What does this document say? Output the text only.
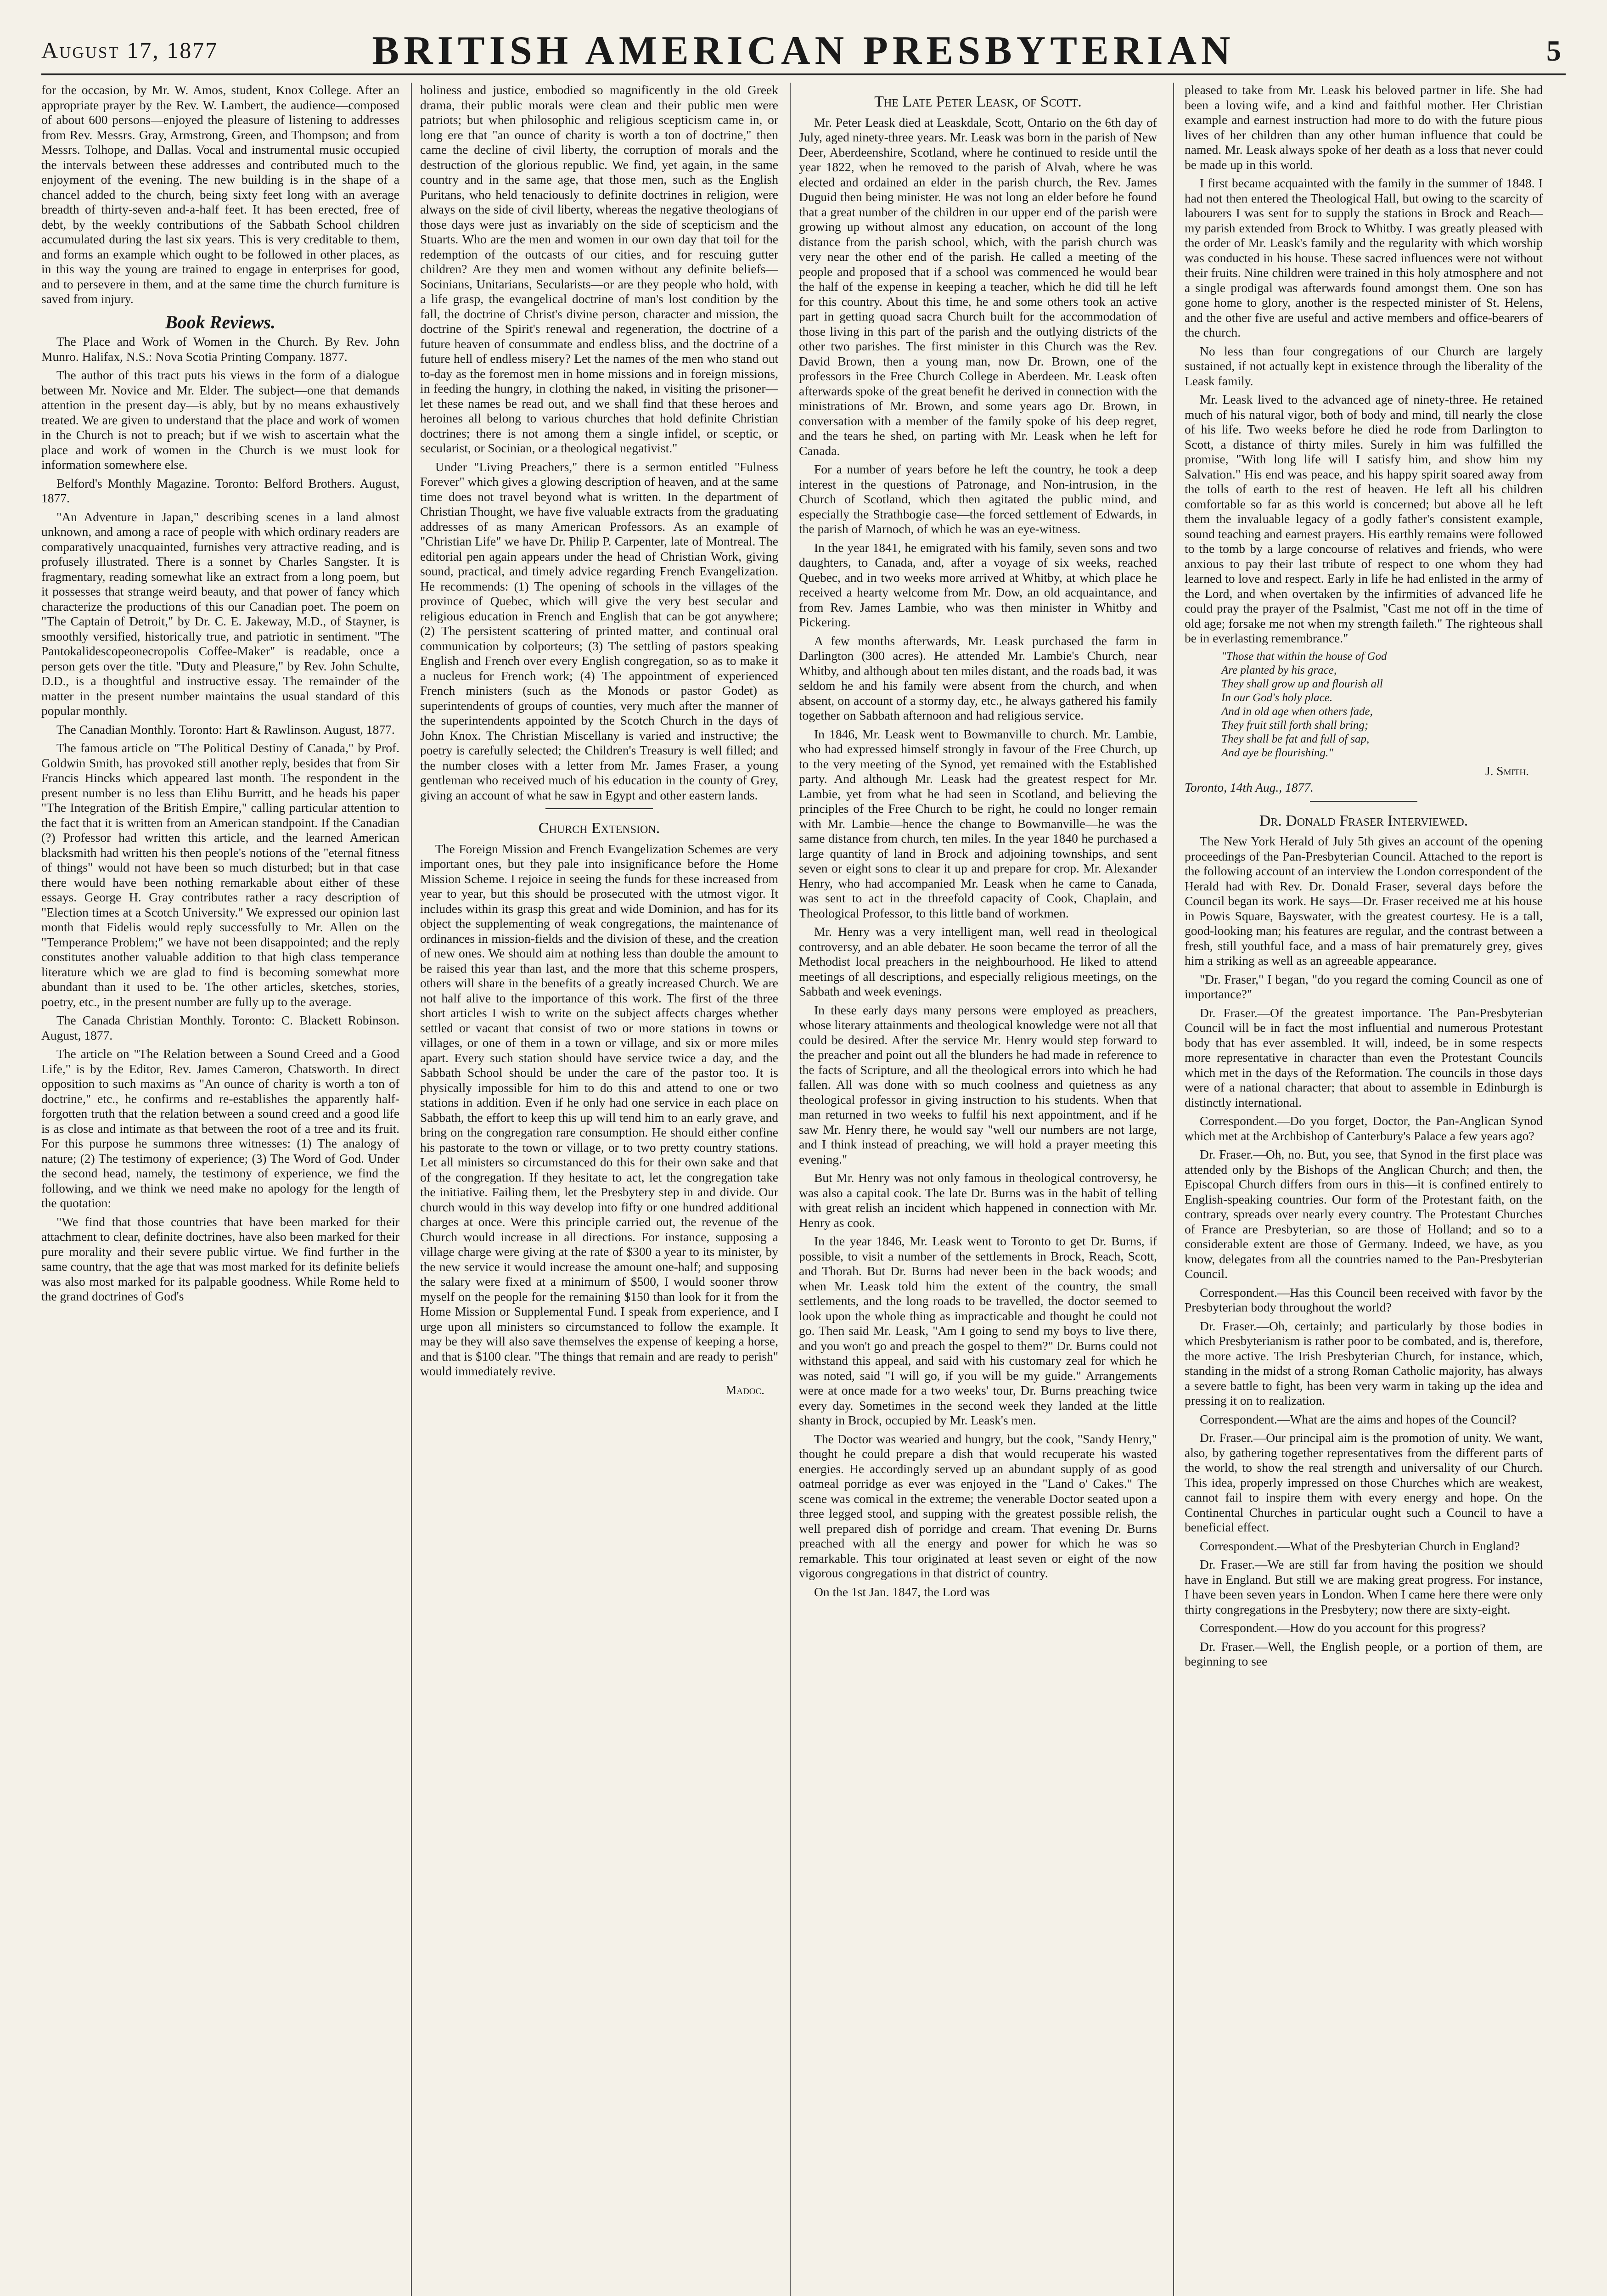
August 17, 1877	BRITISH AMERICAN PRESBYTERIAN	5

for the occasion, by Mr. W. Amos, student, Knox College. After an appropriate prayer by the Rev. W. Lambert, the audience—composed of about 600 persons—enjoyed the pleasure of listening to addresses from Rev. Messrs. Gray, Armstrong, Green, and Thompson; and from Messrs. Tolhope, and Dallas. Vocal and instrumental music occupied the intervals between these addresses and contributed much to the enjoyment of the evening. The new building is in the shape of a chancel added to the church, being sixty feet long with an average breadth of thirty-seven and-a-half feet. It has been erected, free of debt, by the weekly contributions of the Sabbath School children accumulated during the last six years. This is very creditable to them, and forms an example which ought to be followed in other places, as in this way the young are trained to engage in enterprises for good, and to persevere in them, and at the same time the church furniture is saved from injury.

Book Reviews.

The Place and Work of Women in the Church. By Rev. John Munro. Halifax, N.S.: Nova Scotia Printing Company. 1877.

The author of this tract puts his views in the form of a dialogue between Mr. Novice and Mr. Elder. The subject—one that demands attention in the present day—is ably, but by no means exhaustively treated. We are given to understand that the place and work of women in the Church is not to preach; but if we wish to ascertain what the place and work of women in the Church is we must look for information somewhere else.

Belford's Monthly Magazine. Toronto: Belford Brothers. August, 1877.

"An Adventure in Japan," describing scenes in a land almost unknown, and among a race of people with which ordinary readers are comparatively unacquainted, furnishes very attractive reading, and is profusely illustrated. There is a sonnet by Charles Sangster. It is fragmentary, reading somewhat like an extract from a long poem, but it possesses that strange weird beauty, and that power of fancy which characterize the productions of this our Canadian poet. The poem on "The Captain of Detroit," by Dr. C. E. Jakeway, M.D., of Stayner, is smoothly versified, historically true, and patriotic in sentiment. "The Pantokalidescopeonecropolis Coffee-Maker" is readable, once a person gets over the title. "Duty and Pleasure," by Rev. John Schulte, D.D., is a thoughtful and instructive essay. The remainder of the matter in the present number maintains the usual standard of this popular monthly.

The Canadian Monthly. Toronto: Hart & Rawlinson. August, 1877.

The famous article on "The Political Destiny of Canada," by Prof. Goldwin Smith, has provoked still another reply, besides that from Sir Francis Hincks which appeared last month. The respondent in the present number is no less than Elihu Burritt, and he heads his paper "The Integration of the British Empire," calling particular attention to the fact that it is written from an American standpoint. If the Canadian (?) Professor had written this article, and the learned American blacksmith had written his then people's notions of the "eternal fitness of things" would not have been so much disturbed; but in that case there would have been nothing remarkable about either of these essays. George H. Gray contributes rather a racy description of "Election times at a Scotch University." We expressed our opinion last month that Fidelis would reply successfully to Mr. Allen on the "Temperance Problem;" we have not been disappointed; and the reply constitutes another valuable addition to that high class temperance literature which we are glad to find is becoming somewhat more abundant than it used to be. The other articles, sketches, stories, poetry, etc., in the present number are fully up to the average.

The Canada Christian Monthly. Toronto: C. Blackett Robinson. August, 1877.

The article on "The Relation between a Sound Creed and a Good Life," is by the Editor, Rev. James Cameron, Chatsworth. In direct opposition to such maxims as "An ounce of charity is worth a ton of doctrine," etc., he confirms and re-establishes the apparently half-forgotten truth that the relation between a sound creed and a good life is as close and intimate as that between the root of a tree and its fruit. For this purpose he summons three witnesses: (1) The analogy of nature; (2) The testimony of experience; (3) The Word of God. Under the second head, namely, the testimony of experience, we find the following, and we think we need make no apology for the length of the quotation:

"We find that those countries that have been marked for their attachment to clear, definite doctrines, have also been marked for their pure morality and their severe public virtue. We find further in the same country, that the age that was most marked for its definite beliefs was also most marked for its palpable goodness. While Rome held to the grand doctrines of God's

holiness and justice, embodied so magnificently in the old Greek drama, their public morals were clean and their public men were patriots; but when philosophic and religious scepticism came in, or long ere that "an ounce of charity is worth a ton of doctrine," then came the decline of civil liberty, the corruption of morals and the destruction of the glorious republic. We find, yet again, in the same country and in the same age, that those men, such as the English Puritans, who held tenaciously to definite doctrines in religion, were always on the side of civil liberty, whereas the negative theologians of those days were just as invariably on the side of scepticism and the Stuarts. Who are the men and women in our own day that toil for the redemption of the outcasts of our cities, and for rescuing gutter children? Are they men and women without any definite beliefs—Socinians, Unitarians, Secularists—or are they people who hold, with a life grasp, the evangelical doctrine of man's lost condition by the fall, the doctrine of Christ's divine person, character and mission, the doctrine of the Spirit's renewal and regeneration, the doctrine of a future heaven of consummate and endless bliss, and the doctrine of a future hell of endless misery? Let the names of the men who stand out to-day as the foremost men in home missions and in foreign missions, in feeding the hungry, in clothing the naked, in visiting the prisoner—let these names be read out, and we shall find that these heroes and heroines all belong to various churches that hold definite Christian doctrines; there is not among them a single infidel, or sceptic, or secularist, or Socinian, or a theological negativist."

Under "Living Preachers," there is a sermon entitled "Fulness Forever" which gives a glowing description of heaven, and at the same time does not travel beyond what is written. In the department of Christian Thought, we have five valuable extracts from the graduating addresses of as many American Professors. As an example of "Christian Life" we have Dr. Philip P. Carpenter, late of Montreal. The editorial pen again appears under the head of Christian Work, giving sound, practical, and timely advice regarding French Evangelization. He recommends: (1) The opening of schools in the villages of the province of Quebec, which will give the very best secular and religious education in French and English that can be got anywhere; (2) The persistent scattering of printed matter, and continual oral communication by colporteurs; (3) The settling of pastors speaking English and French over every English congregation, so as to make it a nucleus for French work; (4) The appointment of experienced French ministers (such as the Monods or pastor Godet) as superintendents of groups of counties, very much after the manner of the superintendents appointed by the Scotch Church in the days of John Knox. The Christian Miscellany is varied and instructive; the poetry is carefully selected; the Children's Treasury is well filled; and the number closes with a letter from Mr. James Fraser, a young gentleman who received much of his education in the county of Grey, giving an account of what he saw in Egypt and other eastern lands.

Church Extension.

The Foreign Mission and French Evangelization Schemes are very important ones, but they pale into insignificance before the Home Mission Scheme. I rejoice in seeing the funds for these increased from year to year, but this should be prosecuted with the utmost vigor. It includes within its grasp this great and wide Dominion, and has for its object the supplementing of weak congregations, the maintenance of ordinances in mission-fields and the division of these, and the creation of new ones. We should aim at nothing less than double the amount to be raised this year than last, and the more that this scheme prospers, others will share in the benefits of a greatly increased Church. We are not half alive to the importance of this work. The first of the three short articles I wish to write on the subject affects charges whether settled or vacant that consist of two or more stations in towns or villages, or one of them in a town or village, and six or more miles apart. Every such station should have service twice a day, and the Sabbath School should be under the care of the pastor too. It is physically impossible for him to do this and attend to one or two stations in addition. Even if he only had one service in each place on Sabbath, the effort to keep this up will tend him to an early grave, and bring on the congregation rare consumption. He should either confine his pastorate to the town or village, or to two pretty country stations. Let all ministers so circumstanced do this for their own sake and that of the congregation. If they hesitate to act, let the congregation take the initiative. Failing them, let the Presbytery step in and divide. Our church would in this way develop into fifty or one hundred additional charges at once. Were this principle carried out, the revenue of the Church would increase in all directions. For instance, supposing a village charge were giving at the rate of $300 a year to its minister, by the new service it would increase the amount one-half; and supposing the salary were fixed at a minimum of $500, I would sooner throw myself on the people for the remaining $150 than look for it from the Home Mission or Supplemental Fund. I speak from experience, and I urge upon all ministers so circumstanced to follow the example. It may be they will also save themselves the expense of keeping a horse, and that is $100 clear. "The things that remain and are ready to perish" would immediately revive.

Madoc.
The Late Peter Leask, of Scott.

Mr. Peter Leask died at Leaskdale, Scott, Ontario on the 6th day of July, aged ninety-three years. Mr. Leask was born in the parish of New Deer, Aberdeenshire, Scotland, where he continued to reside until the year 1822, when he removed to the parish of Alvah, where he was elected and ordained an elder in the parish church, the Rev. James Duguid then being minister. He was not long an elder before he found that a great number of the children in our upper end of the parish were growing up without almost any education, on account of the long distance from the parish school, which, with the parish church was very near the other end of the parish. He called a meeting of the people and proposed that if a school was commenced he would bear the half of the expense in keeping a teacher, which he did till he left for this country. About this time, he and some others took an active part in getting quoad sacra Church built for the accommodation of those living in this part of the parish and the outlying districts of the other two parishes. The first minister in this Church was the Rev. David Brown, then a young man, now Dr. Brown, one of the professors in the Free Church College in Aberdeen. Mr. Leask often afterwards spoke of the great benefit he derived in connection with the ministrations of Mr. Brown, and some years ago Dr. Brown, in conversation with a member of the family spoke of his deep regret, and the tears he shed, on parting with Mr. Leask when he left for Canada.

For a number of years before he left the country, he took a deep interest in the questions of Patronage, and Non-intrusion, in the Church of Scotland, which then agitated the public mind, and especially the Strathbogie case—the forced settlement of Edwards, in the parish of Marnoch, of which he was an eye-witness.

In the year 1841, he emigrated with his family, seven sons and two daughters, to Canada, and, after a voyage of six weeks, reached Quebec, and in two weeks more arrived at Whitby, at which place he received a hearty welcome from Mr. Dow, an old acquaintance, and from Rev. James Lambie, who was then minister in Whitby and Pickering.

A few months afterwards, Mr. Leask purchased the farm in Darlington (300 acres). He attended Mr. Lambie's Church, near Whitby, and although about ten miles distant, and the roads bad, it was seldom he and his family were absent from the church, and when absent, on account of a stormy day, etc., he always gathered his family together on Sabbath afternoon and had religious service.

In 1846, Mr. Leask went to Bowmanville to church. Mr. Lambie, who had expressed himself strongly in favour of the Free Church, up to the very meeting of the Synod, yet remained with the Established party. And although Mr. Leask had the greatest respect for Mr. Lambie, yet from what he had seen in Scotland, and believing the principles of the Free Church to be right, he could no longer remain with Mr. Lambie—hence the change to Bowmanville—he was the same distance from church, ten miles. In the year 1840 he purchased a large quantity of land in Brock and adjoining townships, and sent seven or eight sons to clear it up and prepare for crop. Mr. Alexander Henry, who had accompanied Mr. Leask when he came to Canada, was sent to act in the threefold capacity of Cook, Chaplain, and Theological Professor, to this little band of workmen.

Mr. Henry was a very intelligent man, well read in theological controversy, and an able debater. He soon became the terror of all the Methodist local preachers in the neighbourhood. He liked to attend meetings of all descriptions, and especially religious meetings, on the Sabbath and week evenings.

In these early days many persons were employed as preachers, whose literary attainments and theological knowledge were not all that could be desired. After the service Mr. Henry would step forward to the preacher and point out all the blunders he had made in reference to the facts of Scripture, and all the theological errors into which he had fallen. All was done with so much coolness and quietness as any theological professor in giving instruction to his students. When that man returned in two weeks to fulfil his next appointment, and if he saw Mr. Henry there, he would say "well our numbers are not large, and I think instead of preaching, we will hold a prayer meeting this evening."

But Mr. Henry was not only famous in theological controversy, he was also a capital cook. The late Dr. Burns was in the habit of telling with great relish an incident which happened in connection with Mr. Henry as cook.

In the year 1846, Mr. Leask went to Toronto to get Dr. Burns, if possible, to visit a number of the settlements in Brock, Reach, Scott, and Thorah. But Dr. Burns had never been in the back woods; and when Mr. Leask told him the extent of the country, the small settlements, and the long roads to be travelled, the doctor seemed to look upon the whole thing as impracticable and thought he could not go. Then said Mr. Leask, "Am I going to send my boys to live there, and you won't go and preach the gospel to them?" Dr. Burns could not withstand this appeal, and said with his customary zeal for which he was noted, said "I will go, if you will be my guide." Arrangements were at once made for a two weeks' tour, Dr. Burns preaching twice every day. Sometimes in the second week they landed at the little shanty in Brock, occupied by Mr. Leask's men.

The Doctor was wearied and hungry, but the cook, "Sandy Henry," thought he could prepare a dish that would recuperate his wasted energies. He accordingly served up an abundant supply of as good oatmeal porridge as ever was enjoyed in the "Land o' Cakes." The scene was comical in the extreme; the venerable Doctor seated upon a three legged stool, and supping with the greatest possible relish, the well prepared dish of porridge and cream. That evening Dr. Burns preached with all the energy and power for which he was so remarkable. This tour originated at least seven or eight of the now vigorous congregations in that district of country.

On the 1st Jan. 1847, the Lord was

pleased to take from Mr. Leask his beloved partner in life. She had been a loving wife, and a kind and faithful mother. Her Christian example and earnest instruction had more to do with the future pious lives of her children than any other human influence that could be named. Mr. Leask always spoke of her death as a loss that never could be made up in this world.

I first became acquainted with the family in the summer of 1848. I had not then entered the Theological Hall, but owing to the scarcity of labourers I was sent for to supply the stations in Brock and Reach—my parish extended from Brock to Whitby. I was greatly pleased with the order of Mr. Leask's family and the regularity with which worship was conducted in his house. These sacred influences were not without their fruits. Nine children were trained in this holy atmosphere and not a single prodigal was afterwards found amongst them. One son has gone home to glory, another is the respected minister of St. Helens, and the other five are useful and active members and office-bearers of the church.

No less than four congregations of our Church are largely sustained, if not actually kept in existence through the liberality of the Leask family.

Mr. Leask lived to the advanced age of ninety-three. He retained much of his natural vigor, both of body and mind, till nearly the close of his life. Two weeks before he died he rode from Darlington to Scott, a distance of thirty miles. Surely in him was fulfilled the promise, "With long life will I satisfy him, and show him my Salvation." His end was peace, and his happy spirit soared away from the tolls of earth to the rest of heaven. He left all his children comfortable so far as this world is concerned; but above all he left them the invaluable legacy of a godly father's consistent example, sound teaching and earnest prayers. His earthly remains were followed to the tomb by a large concourse of relatives and friends, who were anxious to pay their last tribute of respect to one whom they had learned to love and respect. Early in life he had enlisted in the army of the Lord, and when overtaken by the infirmities of advanced life he could pray the prayer of the Psalmist, "Cast me not off in the time of old age; forsake me not when my strength faileth." The righteous shall be in everlasting remembrance."

"Those that within the house of God
Are planted by his grace,
They shall grow up and flourish all
In our God's holy place.
And in old age when others fade,
They fruit still forth shall bring;
They shall be fat and full of sap,
And aye be flourishing."
J. Smith.
Toronto, 14th Aug., 1877.
Dr. Donald Fraser Interviewed.

The New York Herald of July 5th gives an account of the opening proceedings of the Pan-Presbyterian Council. Attached to the report is the following account of an interview the London correspondent of the Herald had with Rev. Dr. Donald Fraser, several days before the Council began its work. He says—Dr. Fraser received me at his house in Powis Square, Bayswater, with the greatest courtesy. He is a tall, good-looking man; his features are regular, and the contrast between a fresh, still youthful face, and a mass of hair prematurely grey, gives him a striking as well as an agreeable appearance.

"Dr. Fraser," I began, "do you regard the coming Council as one of importance?"

Dr. Fraser.—Of the greatest importance. The Pan-Presbyterian Council will be in fact the most influential and numerous Protestant body that has ever assembled. It will, indeed, be in some respects more representative in character than even the Protestant Councils which met in the days of the Reformation. The councils in those days were of a national character; that about to assemble in Edinburgh is distinctly international.

Correspondent.—Do you forget, Doctor, the Pan-Anglican Synod which met at the Archbishop of Canterbury's Palace a few years ago?

Dr. Fraser.—Oh, no. But, you see, that Synod in the first place was attended only by the Bishops of the Anglican Church; and then, the Episcopal Church differs from ours in this—it is confined entirely to English-speaking countries. Our form of the Protestant faith, on the contrary, spreads over nearly every country. The Protestant Churches of France are Presbyterian, so are those of Holland; and so to a considerable extent are those of Germany. Indeed, we have, as you know, delegates from all the countries named to the Pan-Presbyterian Council.

Correspondent.—Has this Council been received with favor by the Presbyterian body throughout the world?

Dr. Fraser.—Oh, certainly; and particularly by those bodies in which Presbyterianism is rather poor to be combated, and is, therefore, the more active. The Irish Presbyterian Church, for instance, which, standing in the midst of a strong Roman Catholic majority, has always a severe battle to fight, has been very warm in taking up the idea and pressing it on to realization.

Correspondent.—What are the aims and hopes of the Council?

Dr. Fraser.—Our principal aim is the promotion of unity. We want, also, by gathering together representatives from the different parts of the world, to show the real strength and universality of our Church. This idea, properly impressed on those Churches which are weakest, cannot fail to inspire them with every energy and hope. On the Continental Churches in particular ought such a Council to have a beneficial effect.

Correspondent.—What of the Presbyterian Church in England?

Dr. Fraser.—We are still far from having the position we should have in England. But still we are making great progress. For instance, I have been seven years in London. When I came here there were only thirty congregations in the Presbytery; now there are sixty-eight.

Correspondent.—How do you account for this progress?

Dr. Fraser.—Well, the English people, or a portion of them, are beginning to see
